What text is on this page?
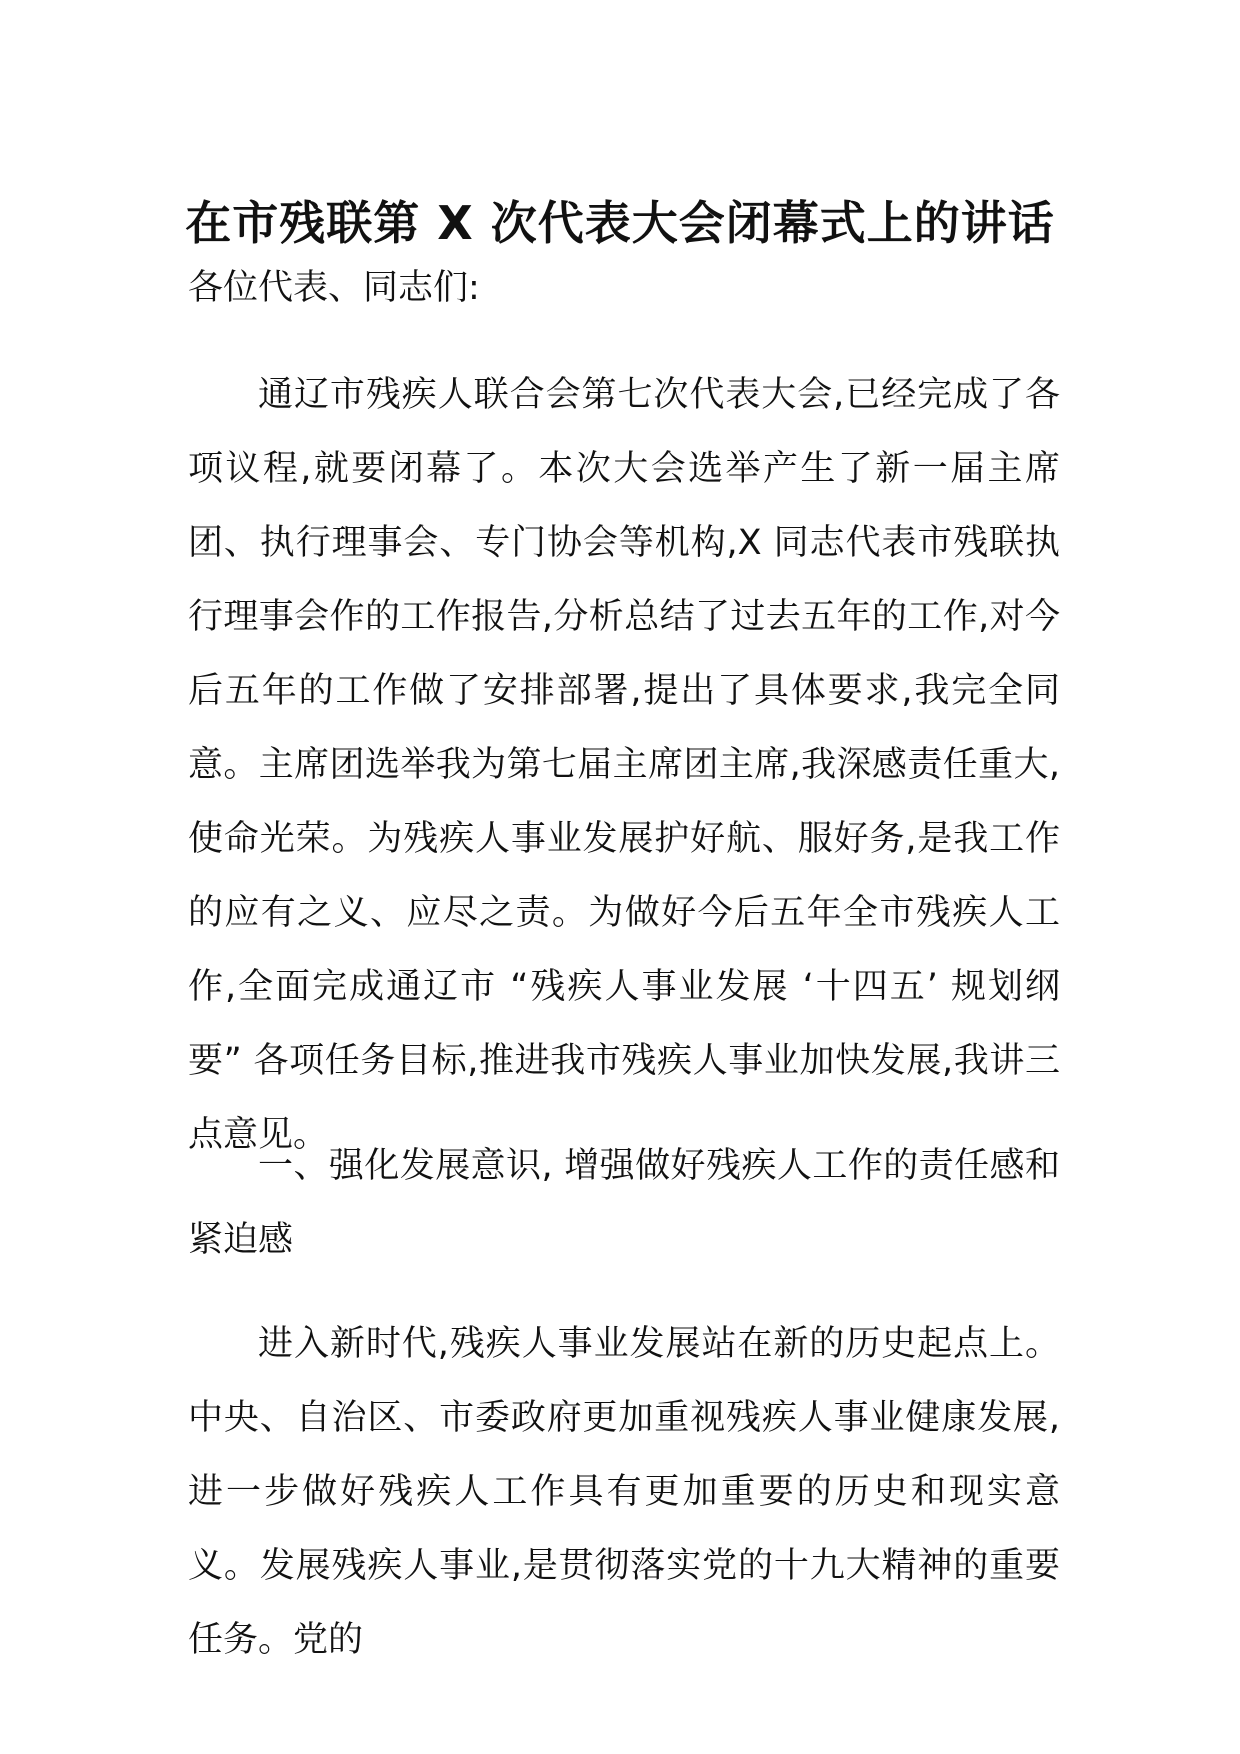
在市残联第 X 次代表大会闭幕式上的讲话

各位代表、同志们:

通辽市残疾人联合会第七次代表大会,已经完成了各项议程,就要闭幕了。本次大会选举产生了新一届主席团、执行理事会、专门协会等机构,X 同志代表市残联执行理事会作的工作报告,分析总结了过去五年的工作,对今后五年的工作做了安排部署,提出了具体要求,我完全同意。主席团选举我为第七届主席团主席,我深感责任重大,使命光荣。为残疾人事业发展护好航、服好务,是我工作的应有之义、应尽之责。为做好今后五年全市残疾人工作,全面完成通辽市 “残疾人事业发展 ‘十四五’ 规划纲要” 各项任务目标,推进我市残疾人事业加快发展,我讲三点意见。

一、强化发展意识, 增强做好残疾人工作的责任感和紧迫感

进入新时代,残疾人事业发展站在新的历史起点上。中央、自治区、市委政府更加重视残疾人事业健康发展,进一步做好残疾人工作具有更加重要的历史和现实意义。发展残疾人事业,是贯彻落实党的十九大精神的重要任务。党的
